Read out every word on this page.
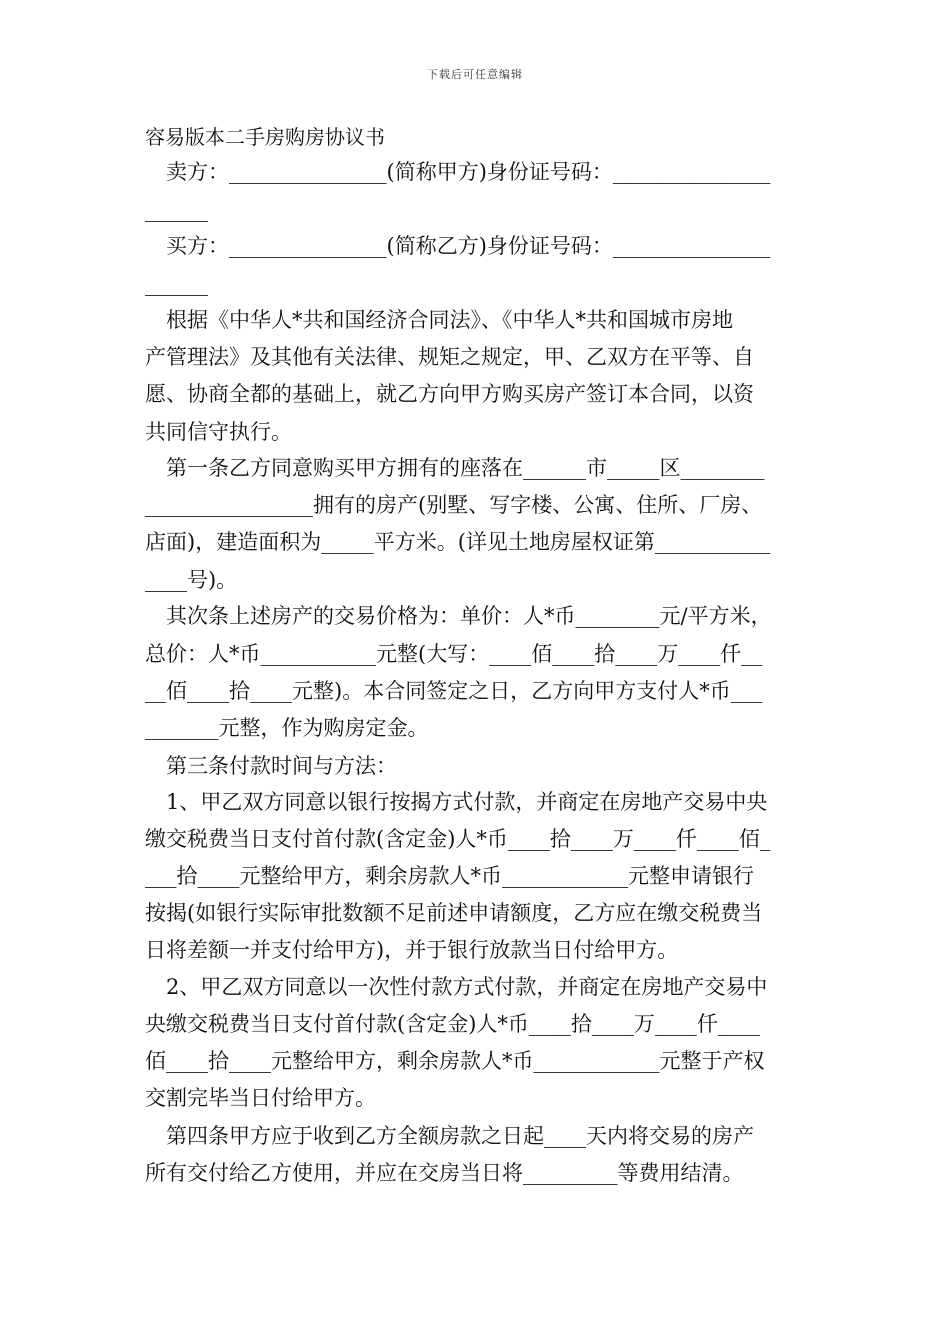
下载后可任意编辑
容易版本二手房购房协议书
卖方：_______________(简称甲方)身份证号码：_______________
______
买方：_______________(简称乙方)身份证号码：_______________
______
根据《中华人*共和国经济合同法》、《中华人*共和国城市房地
产管理法》及其他有关法律、规矩之规定，甲、乙双方在平等、自
愿、协商全都的基础上，就乙方向甲方购买房产签订本合同，以资
共同信守执行。
第一条乙方同意购买甲方拥有的座落在______市_____区________
________________拥有的房产(别墅、写字楼、公寓、住所、厂房、
店面)，建造面积为_____平方米。(详见土地房屋权证第___________
____号)。
其次条上述房产的交易价格为：单价：人*币________元/平方米，
总价：人*币___________元整(大写：____佰____拾____万____仟__
__佰____拾____元整)。本合同签定之日，乙方向甲方支付人*币___
_______元整，作为购房定金。
第三条付款时间与方法：
1、甲乙双方同意以银行按揭方式付款，并商定在房地产交易中央
缴交税费当日支付首付款(含定金)人*币____拾____万____仟____佰_
___拾____元整给甲方，剩余房款人*币____________元整申请银行
按揭(如银行实际审批数额不足前述申请额度，乙方应在缴交税费当
日将差额一并支付给甲方)，并于银行放款当日付给甲方。
2、甲乙双方同意以一次性付款方式付款，并商定在房地产交易中
央缴交税费当日支付首付款(含定金)人*币____拾____万____仟____
佰____拾____元整给甲方，剩余房款人*币____________元整于产权
交割完毕当日付给甲方。
第四条甲方应于收到乙方全额房款之日起____天内将交易的房产
所有交付给乙方使用，并应在交房当日将_________等费用结清。
